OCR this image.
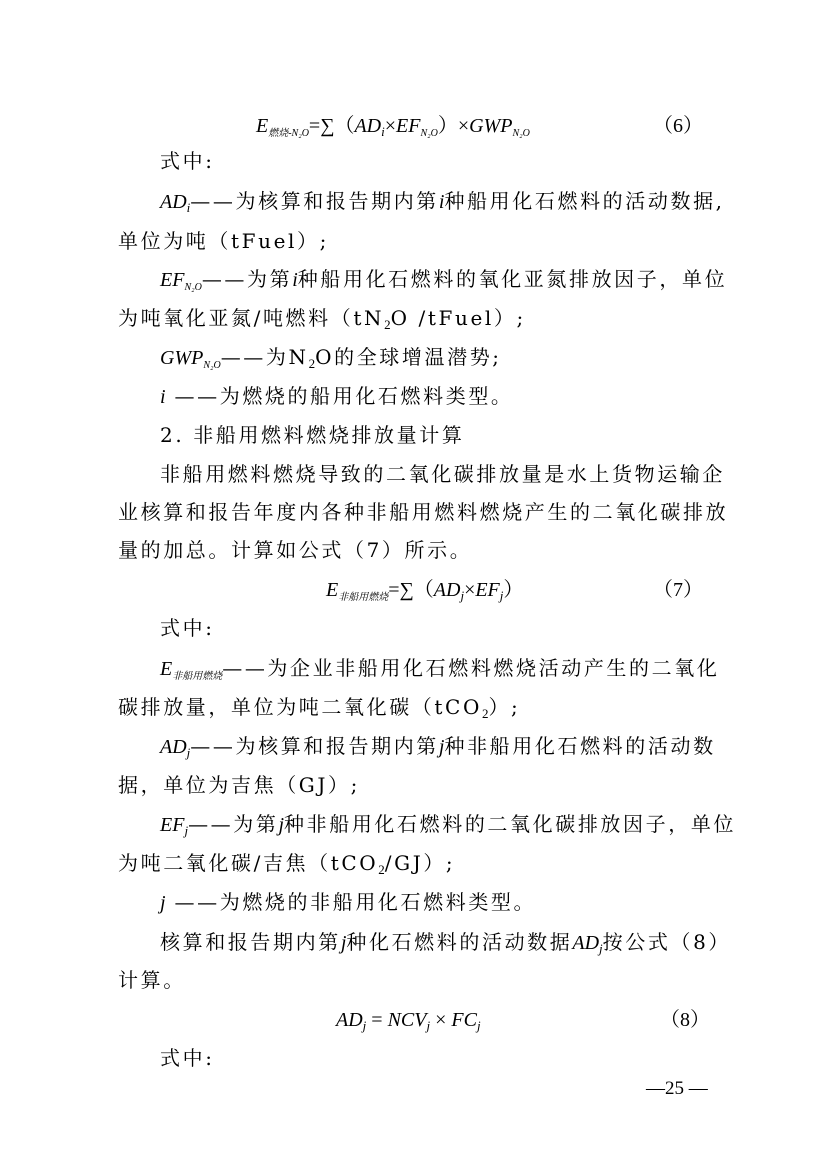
$E_{燃烧-N_2O}=\sum(AD_i\times EF_{N_2O})\times GWP_{N_2O}$	（6）
式中:
$AD_i——$为核算和报告期内第i种船用化石燃料的活动数据,
单位为吨（tFuel）;
$EF_{N_2O}——$为第i种船用化石燃料的氧化亚氮排放因子，单位
为吨氧化亚氮/吨燃料（$tN_2O$ /tFuel）;
$GWP_{N_2O}——$为$N_2O$的全球增温潜势;
i ——为燃烧的船用化石燃料类型。
2. 非船用燃料燃烧排放量计算
非船用燃料燃烧导致的二氧化碳排放量是水上货物运输企
业核算和报告年度内各种非船用燃料燃烧产生的二氧化碳排放
量的加总。计算如公式（7）所示。
$E_{非船用燃烧}=\sum(AD_j\times EF_j)$	（7）
式中:
$E_{非船用燃烧}——$为企业非船用化石燃料燃烧活动产生的二氧化
碳排放量，单位为吨二氧化碳（tCO$_2$）;
$AD_j——$为核算和报告期内第j种非船用化石燃料的活动数
据，单位为吉焦（GJ）;
$EF_j——$为第j种非船用化石燃料的二氧化碳排放因子，单位
为吨二氧化碳/吉焦（tCO$_2$/GJ）;
j ——为燃烧的非船用化石燃料类型。
核算和报告期内第j种化石燃料的活动数据$AD_j$按公式（8）
计算。
$AD_j = NCV_j \times FC_j$	（8）
式中:
—25 —
